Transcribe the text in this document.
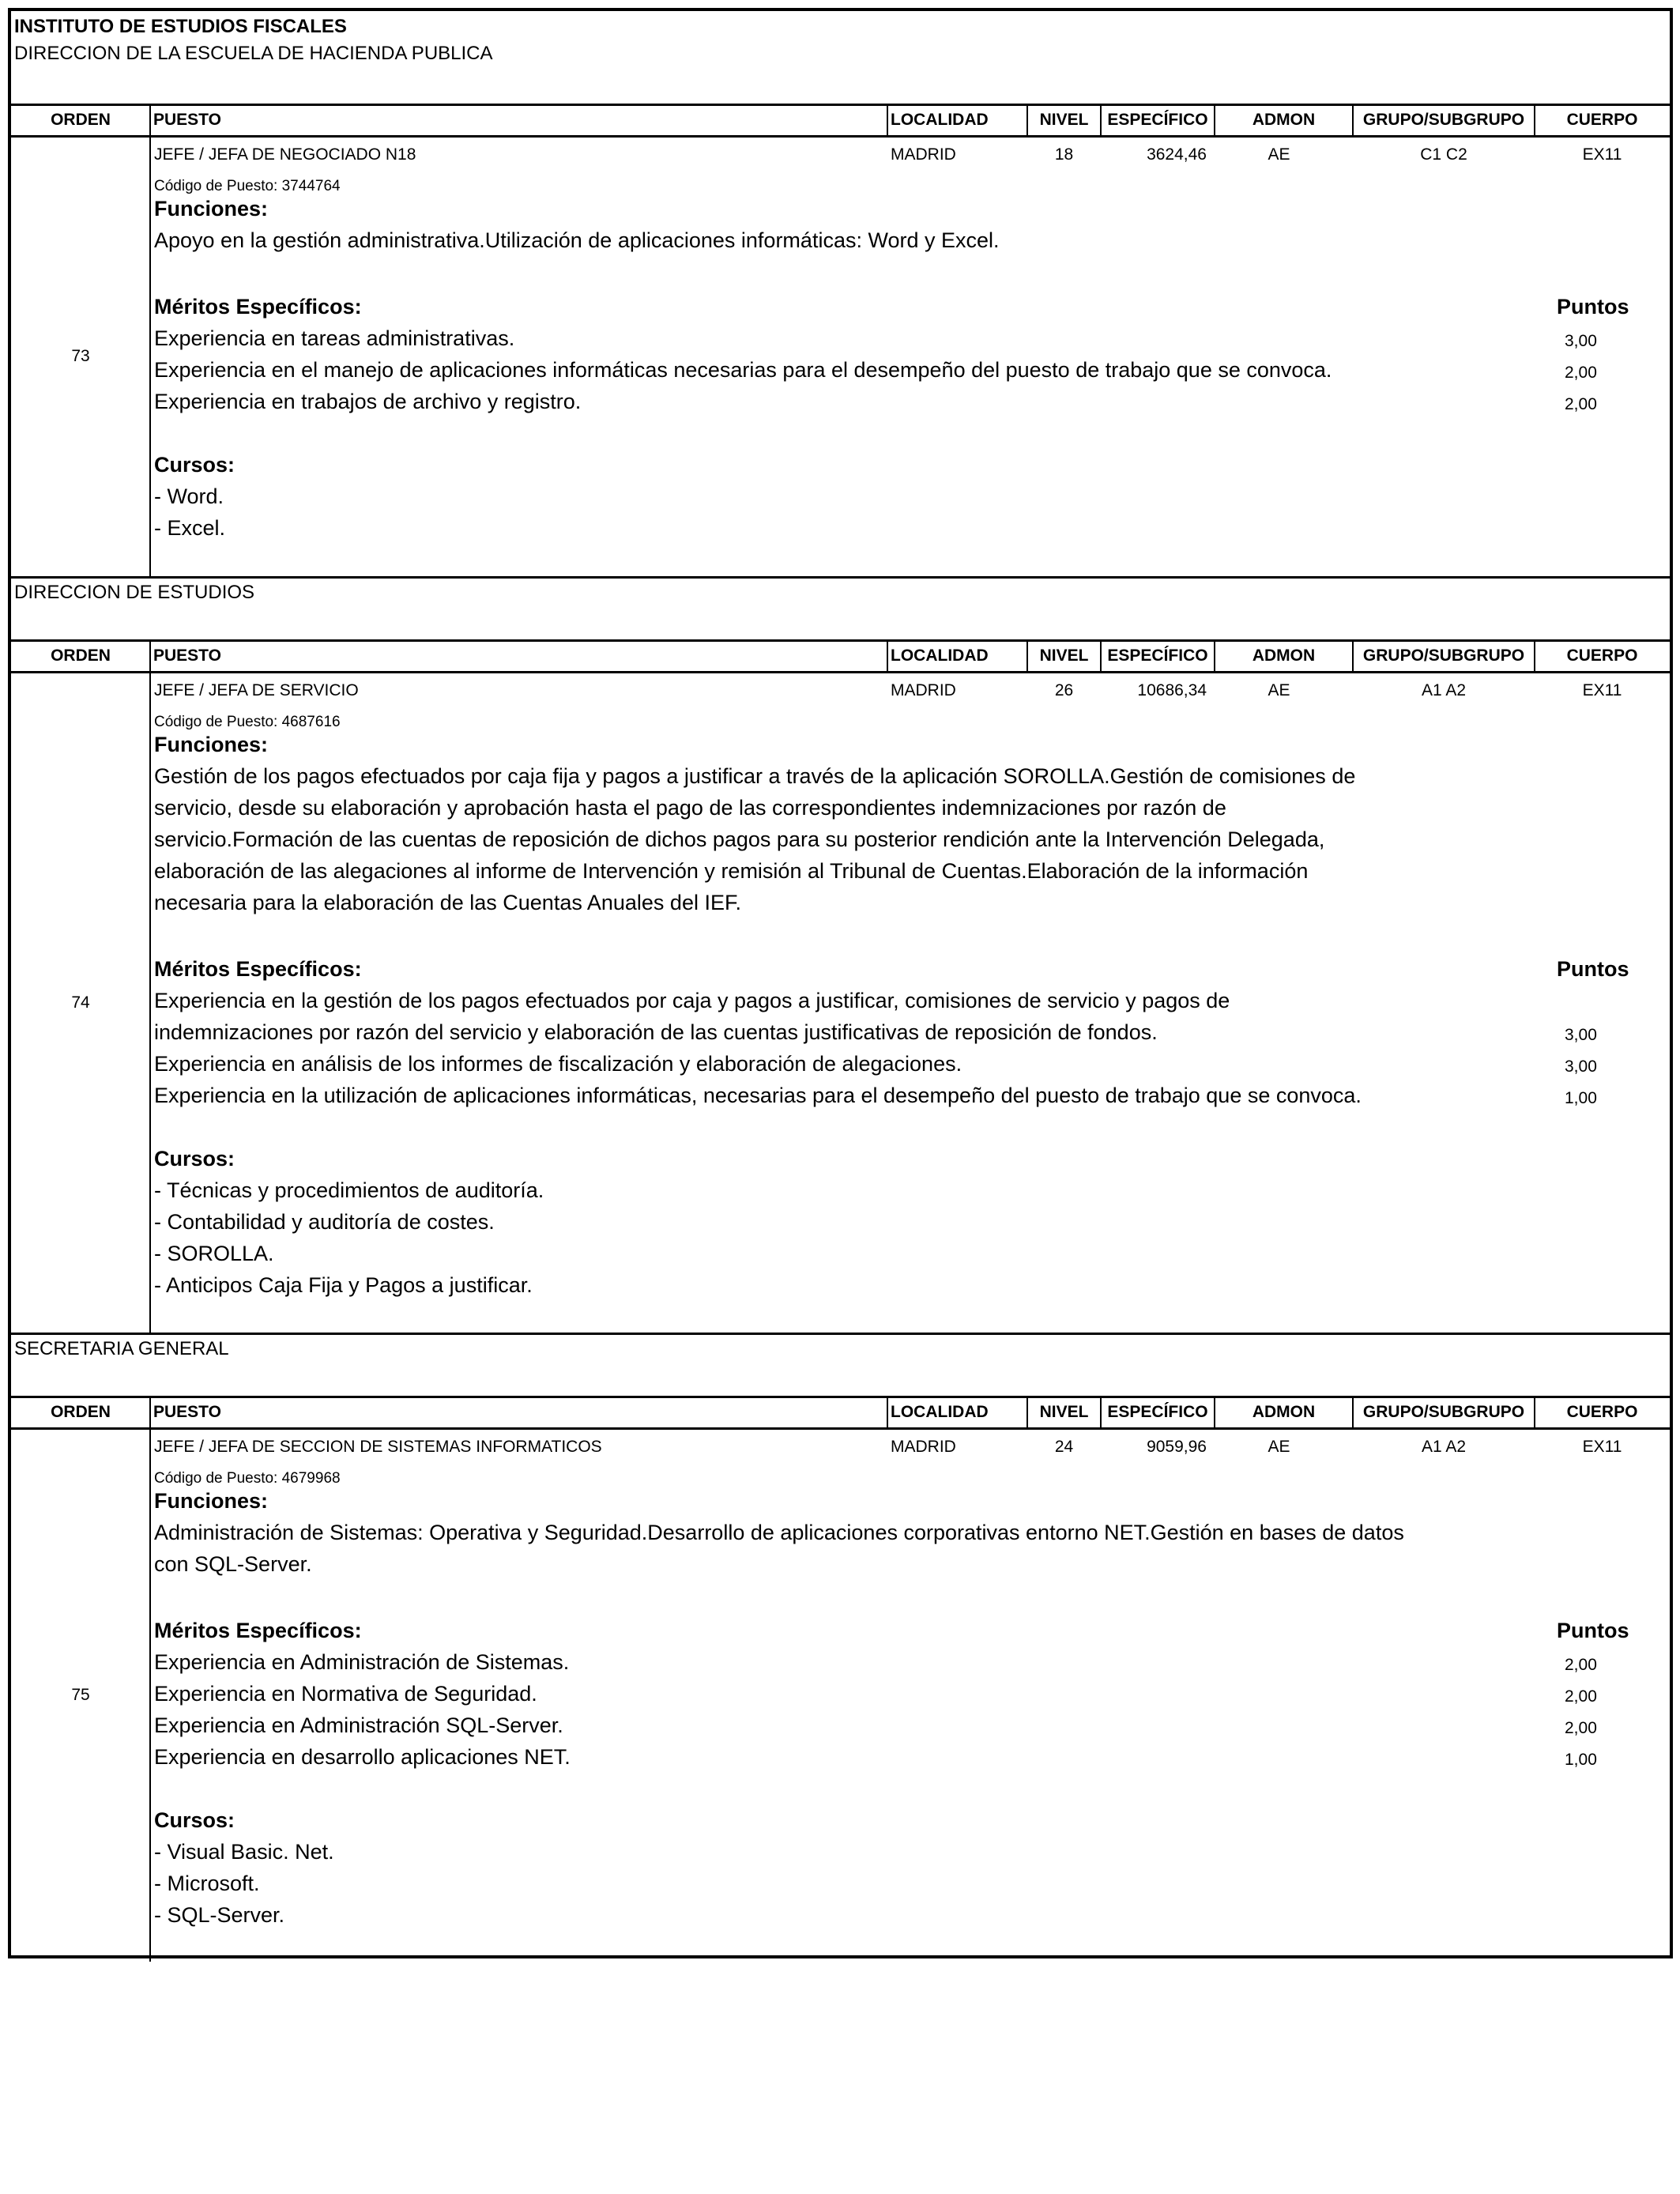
INSTITUTO DE ESTUDIOS FISCALES
DIRECCION DE LA ESCUELA DE HACIENDA PUBLICA
ORDEN	PUESTO	LOCALIDAD	NIVEL	ESPECÍFICO	ADMON	GRUPO/SUBGRUPO	CUERPO
73
JEFE / JEFA DE NEGOCIADO N18	MADRID	18	3624,46	AE	C1 C2	EX11
Código de Puesto: 3744764
Funciones:
Apoyo en la gestión administrativa.Utilización de aplicaciones informáticas: Word y Excel.
Méritos Específicos:	Puntos
Experiencia en tareas administrativas.	3,00
Experiencia en el manejo de aplicaciones informáticas necesarias para el desempeño del puesto de trabajo que se convoca.	2,00
Experiencia en trabajos de archivo y registro.	2,00
Cursos:
- Word.
- Excel.
DIRECCION DE ESTUDIOS
ORDEN	PUESTO	LOCALIDAD	NIVEL	ESPECÍFICO	ADMON	GRUPO/SUBGRUPO	CUERPO
74
JEFE / JEFA DE SERVICIO	MADRID	26	10686,34	AE	A1 A2	EX11
Código de Puesto: 4687616
Funciones:
Gestión de los pagos efectuados por caja fija y pagos a justificar a través de la aplicación SOROLLA.Gestión de comisiones de
servicio, desde su elaboración y aprobación hasta el pago de las correspondientes indemnizaciones por razón de
servicio.Formación de las cuentas de reposición de dichos pagos para su posterior rendición ante la Intervención Delegada,
elaboración de las alegaciones al informe de Intervención y remisión al Tribunal de Cuentas.Elaboración de la información
necesaria para la elaboración de las Cuentas Anuales del IEF.
Méritos Específicos:	Puntos
Experiencia en la gestión de los pagos efectuados por caja y pagos a justificar, comisiones de servicio y pagos de
indemnizaciones por razón del servicio y elaboración de las cuentas justificativas de reposición de fondos.	3,00
Experiencia en análisis de los informes de fiscalización y elaboración de alegaciones.	3,00
Experiencia en la utilización de aplicaciones informáticas, necesarias para el desempeño del puesto de trabajo que se convoca.	1,00
Cursos:
- Técnicas y procedimientos de auditoría.
- Contabilidad y auditoría de costes.
- SOROLLA.
- Anticipos Caja Fija y Pagos a justificar.
SECRETARIA GENERAL
ORDEN	PUESTO	LOCALIDAD	NIVEL	ESPECÍFICO	ADMON	GRUPO/SUBGRUPO	CUERPO
75
JEFE / JEFA DE SECCION DE SISTEMAS INFORMATICOS	MADRID	24	9059,96	AE	A1 A2	EX11
Código de Puesto: 4679968
Funciones:
Administración de Sistemas: Operativa y Seguridad.Desarrollo de aplicaciones corporativas entorno NET.Gestión en bases de datos
con SQL-Server.
Méritos Específicos:	Puntos
Experiencia en Administración de Sistemas.	2,00
Experiencia en Normativa de Seguridad.	2,00
Experiencia en Administración SQL-Server.	2,00
Experiencia en desarrollo aplicaciones NET.	1,00
Cursos:
- Visual Basic. Net.
- Microsoft.
- SQL-Server.
